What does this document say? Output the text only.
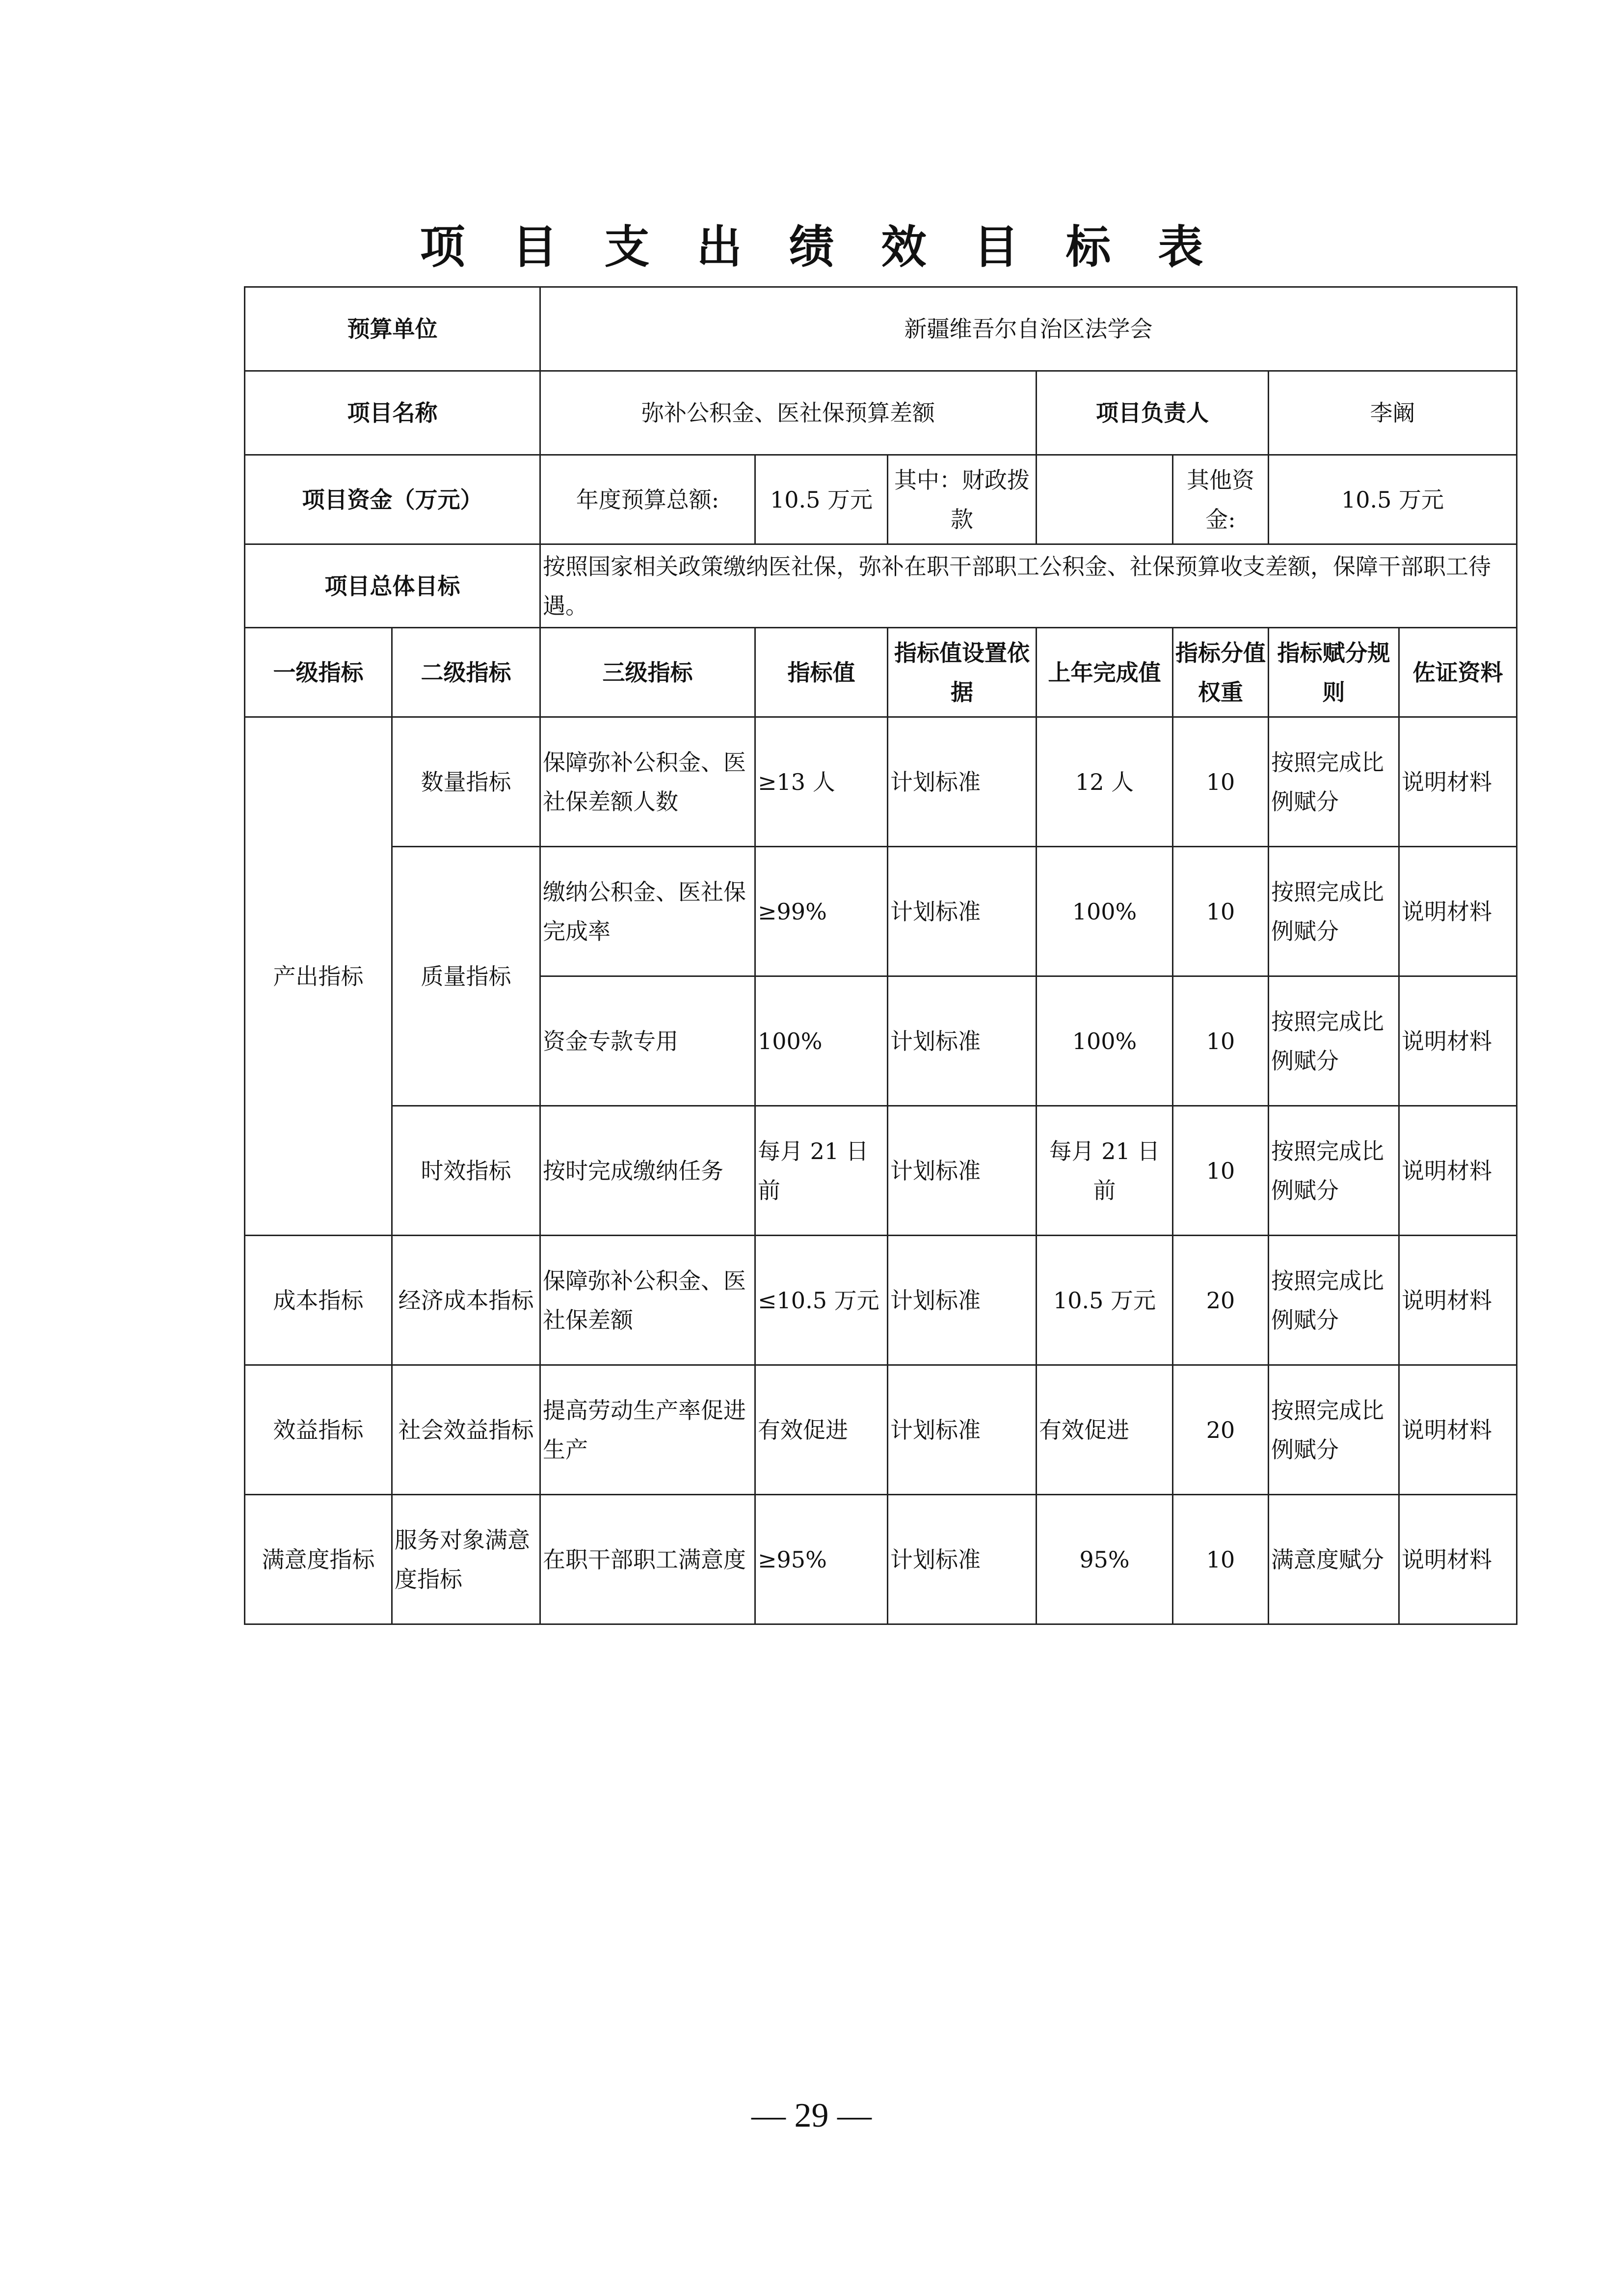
项目支出绩效目标表
预算单位		新疆维吾尔自治区法学会						
项目名称		弥补公积金、医社保预算差额			项目负责人		李阚	
项目资金（万元）		年度预算总额:	10.5 万元	其中：财政拨款		其他资金:	10.5 万元	
项目总体目标		按照国家相关政策缴纳医社保，弥补在职干部职工公积金、社保预算收支差额，保障干部职工待遇。						
一级指标	二级指标	三级指标	指标值	指标值设置依据	上年完成值	指标分值权重	指标赋分规则	佐证资料
产出指标	数量指标	保障弥补公积金、医社保差额人数	≥13 人	计划标准	12 人	10	按照完成比例赋分	说明材料
	质量指标	缴纳公积金、医社保完成率	≥99%	计划标准	100%	10	按照完成比例赋分	说明材料
		资金专款专用	100%	计划标准	100%	10	按照完成比例赋分	说明材料
	时效指标	按时完成缴纳任务	每月 21 日前	计划标准	每月 21 日前	10	按照完成比例赋分	说明材料
成本指标	经济成本指标	保障弥补公积金、医社保差额	≤10.5 万元	计划标准	10.5 万元	20	按照完成比例赋分	说明材料
效益指标	社会效益指标	提高劳动生产率促进生产	有效促进	计划标准	有效促进	20	按照完成比例赋分	说明材料
满意度指标	服务对象满意度指标	在职干部职工满意度	≥95%	计划标准	95%	10	满意度赋分	说明材料
— 29 —
